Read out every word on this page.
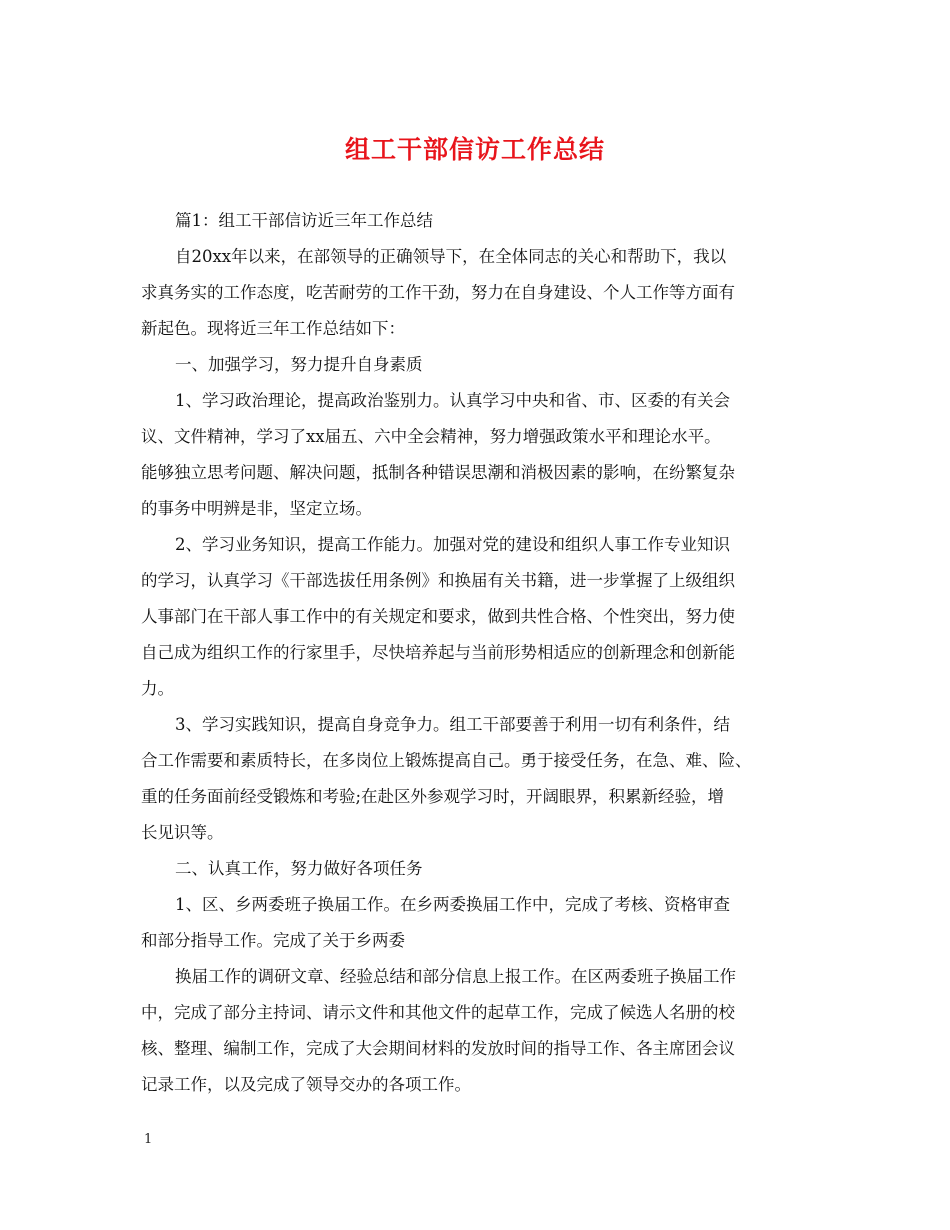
组工干部信访工作总结
篇1：组工干部信访近三年工作总结
自20xx年以来，在部领导的正确领导下，在全体同志的关心和帮助下，我以
求真务实的工作态度，吃苦耐劳的工作干劲，努力在自身建设、个人工作等方面有
新起色。现将近三年工作总结如下：
一、加强学习，努力提升自身素质
1、学习政治理论，提高政治鉴别力。认真学习中央和省、市、区委的有关会
议、文件精神，学习了xx届五、六中全会精神，努力增强政策水平和理论水平。
能够独立思考问题、解决问题，抵制各种错误思潮和消极因素的影响，在纷繁复杂
的事务中明辨是非，坚定立场。
2、学习业务知识，提高工作能力。加强对党的建设和组织人事工作专业知识
的学习，认真学习《干部选拔任用条例》和换届有关书籍，进一步掌握了上级组织
人事部门在干部人事工作中的有关规定和要求，做到共性合格、个性突出，努力使
自己成为组织工作的行家里手，尽快培养起与当前形势相适应的创新理念和创新能
力。
3、学习实践知识，提高自身竞争力。组工干部要善于利用一切有利条件，结
合工作需要和素质特长，在多岗位上锻炼提高自己。勇于接受任务，在急、难、险、
重的任务面前经受锻炼和考验;在赴区外参观学习时，开阔眼界，积累新经验，增
长见识等。
二、认真工作，努力做好各项任务
1、区、乡两委班子换届工作。在乡两委换届工作中，完成了考核、资格审查
和部分指导工作。完成了关于乡两委
换届工作的调研文章、经验总结和部分信息上报工作。在区两委班子换届工作
中，完成了部分主持词、请示文件和其他文件的起草工作，完成了候选人名册的校
核、整理、编制工作，完成了大会期间材料的发放时间的指导工作、各主席团会议
记录工作，以及完成了领导交办的各项工作。
1
